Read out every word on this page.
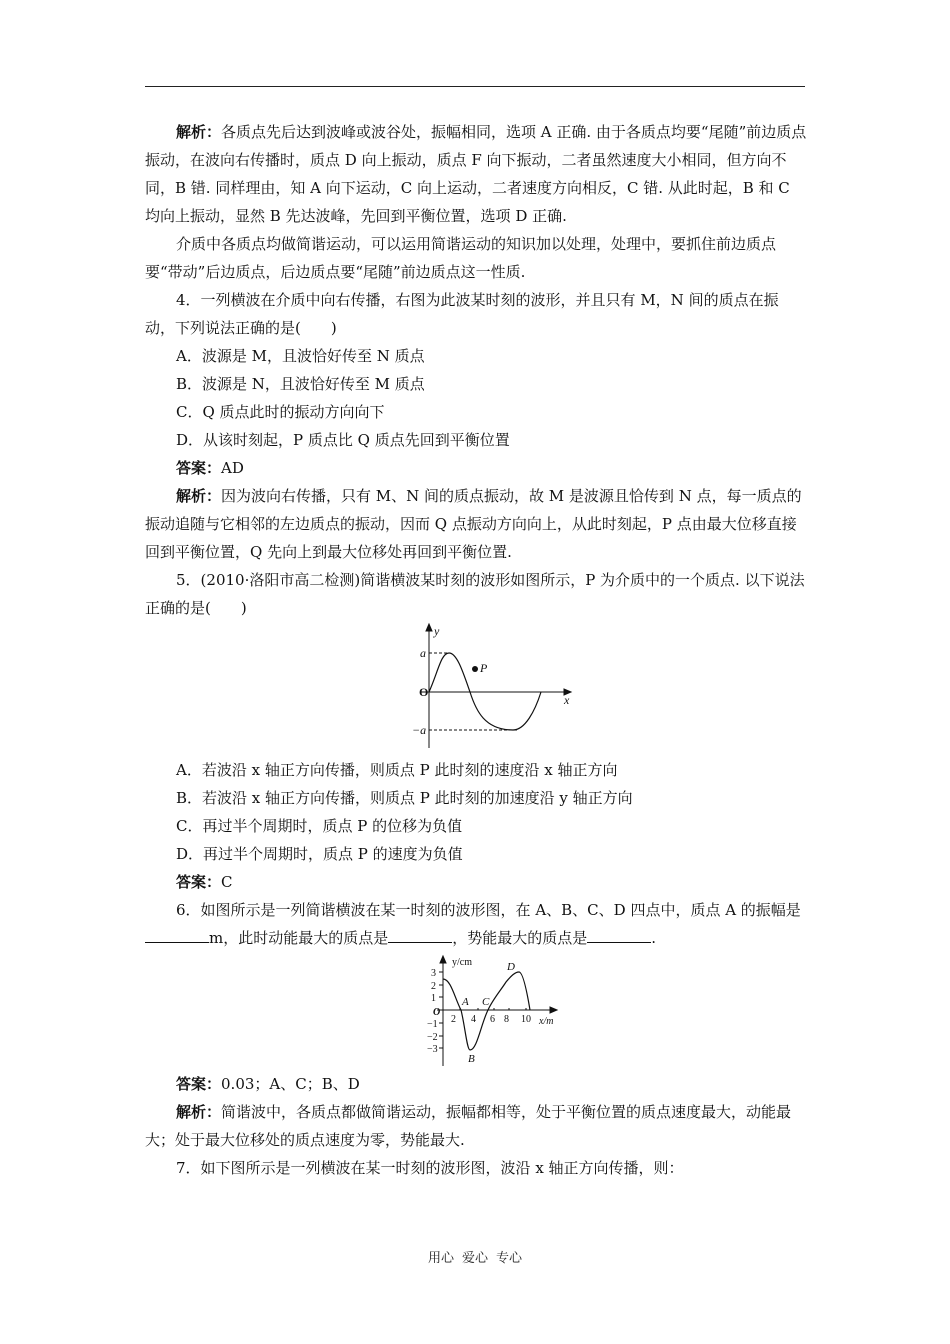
解析：各质点先后达到波峰或波谷处，振幅相同，选项 A 正确. 由于各质点均要“尾随”前边质点振动，在波向右传播时，质点 D 向上振动，质点 F 向下振动，二者虽然速度大小相同，但方向不同，B 错. 同样理由，知 A 向下运动，C 向上运动，二者速度方向相反，C 错. 从此时起，B 和 C 均向上振动，显然 B 先达波峰，先回到平衡位置，选项 D 正确.

介质中各质点均做简谐运动，可以运用简谐运动的知识加以处理，处理中，要抓住前边质点要“带动”后边质点，后边质点要“尾随”前边质点这一性质.

4．一列横波在介质中向右传播，右图为此波某时刻的波形，并且只有 M，N 间的质点在振动，下列说法正确的是(　　)

A．波源是 M，且波恰好传至 N 质点

B．波源是 N，且波恰好传至 M 质点

C．Q 质点此时的振动方向向下

D．从该时刻起，P 质点比 Q 质点先回到平衡位置

答案：AD

解析：因为波向右传播，只有 M、N 间的质点振动，故 M 是波源且恰传到 N 点，每一质点的振动追随与它相邻的左边质点的振动，因而 Q 点振动方向向上，从此时刻起，P 点由最大位移直接回到平衡位置，Q 先向上到最大位移处再回到平衡位置.

5．(2010·洛阳市高二检测)简谐横波某时刻的波形如图所示，P 为介质中的一个质点. 以下说法正确的是(　　)

y
x
a
−a
P
O

A．若波沿 x 轴正方向传播，则质点 P 此时刻的速度沿 x 轴正方向

B．若波沿 x 轴正方向传播，则质点 P 此时刻的加速度沿 y 轴正方向

C．再过半个周期时，质点 P 的位移为负值

D．再过半个周期时，质点 P 的速度为负值

答案：C

6．如图所示是一列简谐横波在某一时刻的波形图，在 A、B、C、D 四点中，质点 A 的振幅是m，此时动能最大的质点是	，势能最大的质点是	.

3
2
1
−1
−2
−3
2 4 6 8 10
y/cm
x/m
O
A
B
C
D

答案：0.03；A、C；B、D

解析：简谐波中，各质点都做简谐运动，振幅都相等，处于平衡位置的质点速度最大，动能最大；处于最大位移处的质点速度为零，势能最大.

7．如下图所示是一列横波在某一时刻的波形图，波沿 x 轴正方向传播，则：

用心 爱心 专心
